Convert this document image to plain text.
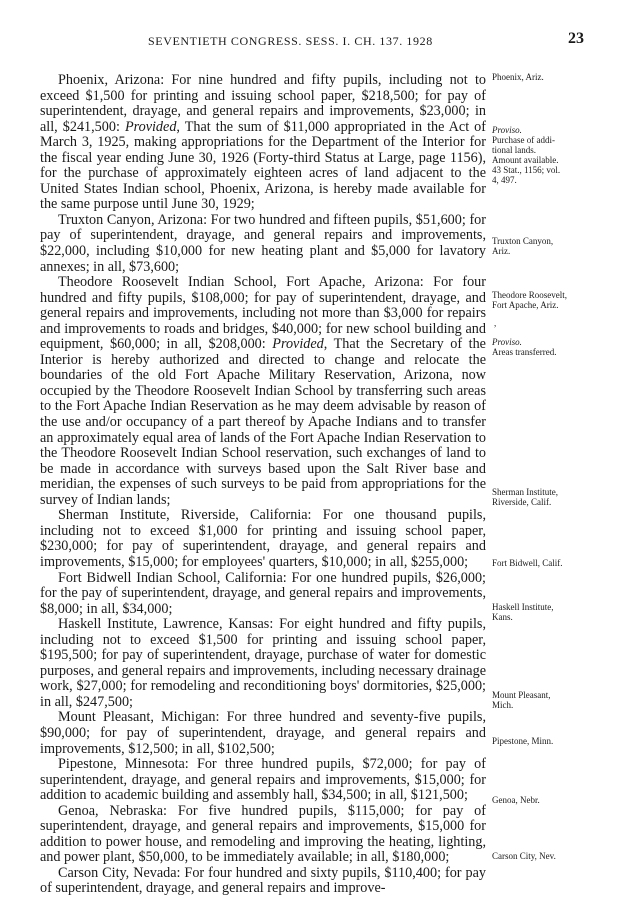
SEVENTIETH CONGRESS. SESS. I. CH. 137. 1928	23

Phoenix, Arizona: For nine hundred and fifty pupils, including not to exceed $1,500 for printing and issuing school paper, $218,500; for pay of superintendent, drayage, and general repairs and improvements, $23,000; in all, $241,500: Provided, That the sum of $11,000 appropriated in the Act of March 3, 1925, making appropriations for the Department of the Interior for the fiscal year ending June 30, 1926 (Forty-third Status at Large, page 1156), for the purchase of approximately eighteen acres of land adjacent to the United States Indian school, Phoenix, Arizona, is hereby made available for the same purpose until June 30, 1929;

Truxton Canyon, Arizona: For two hundred and fifteen pupils, $51,600; for pay of superintendent, drayage, and general repairs and improvements, $22,000, including $10,000 for new heating plant and $5,000 for lavatory annexes; in all, $73,600;

Theodore Roosevelt Indian School, Fort Apache, Arizona: For four hundred and fifty pupils, $108,000; for pay of superintendent, drayage, and general repairs and improvements, including not more than $3,000 for repairs and improvements to roads and bridges, $40,000; for new school building and equipment, $60,000; in all, $208,000: Provided, That the Secretary of the Interior is hereby authorized and directed to change and relocate the boundaries of the old Fort Apache Military Reservation, Arizona, now occupied by the Theodore Roosevelt Indian School by transferring such areas to the Fort Apache Indian Reservation as he may deem advisable by reason of the use and/or occupancy of a part thereof by Apache Indians and to transfer an approximately equal area of lands of the Fort Apache Indian Reservation to the Theodore Roosevelt Indian School reservation, such exchanges of land to be made in accordance with surveys based upon the Salt River base and meridian, the expenses of such surveys to be paid from appropriations for the survey of Indian lands;

Sherman Institute, Riverside, California: For one thousand pupils, including not to exceed $1,000 for printing and issuing school paper, $230,000; for pay of superintendent, drayage, and general repairs and improvements, $15,000; for employees' quarters, $10,000; in all, $255,000;

Fort Bidwell Indian School, California: For one hundred pupils, $26,000; for the pay of superintendent, drayage, and general repairs and improvements, $8,000; in all, $34,000;

Haskell Institute, Lawrence, Kansas: For eight hundred and fifty pupils, including not to exceed $1,500 for printing and issuing school paper, $195,500; for pay of superintendent, drayage, purchase of water for domestic purposes, and general repairs and improvements, including necessary drainage work, $27,000; for remodeling and reconditioning boys' dormitories, $25,000; in all, $247,500;

Mount Pleasant, Michigan: For three hundred and seventy-five pupils, $90,000; for pay of superintendent, drayage, and general repairs and improvements, $12,500; in all, $102,500;

Pipestone, Minnesota: For three hundred pupils, $72,000; for pay of superintendent, drayage, and general repairs and improvements, $15,000; for addition to academic building and assembly hall, $34,500; in all, $121,500;

Genoa, Nebraska: For five hundred pupils, $115,000; for pay of superintendent, drayage, and general repairs and improvements, $15,000 for addition to power house, and remodeling and improving the heating, lighting, and power plant, $50,000, to be immediately available; in all, $180,000;

Carson City, Nevada: For four hundred and sixty pupils, $110,400; for pay of superintendent, drayage, and general repairs and improve-

Phoenix, Ariz.
Proviso.
Purchase of addi-
tional lands.
Amount available.
43 Stat., 1156; vol.
4, 497.
Truxton Canyon,
Ariz.
Theodore Roosevelt,
Fort Apache, Ariz.
,
Proviso.
Areas transferred.
Sherman Institute,
Riverside, Calif.
Fort Bidwell, Calif.
Haskell Institute,
Kans.
Mount Pleasant,
Mich.
Pipestone, Minn.
Genoa, Nebr.
Carson City, Nev.
